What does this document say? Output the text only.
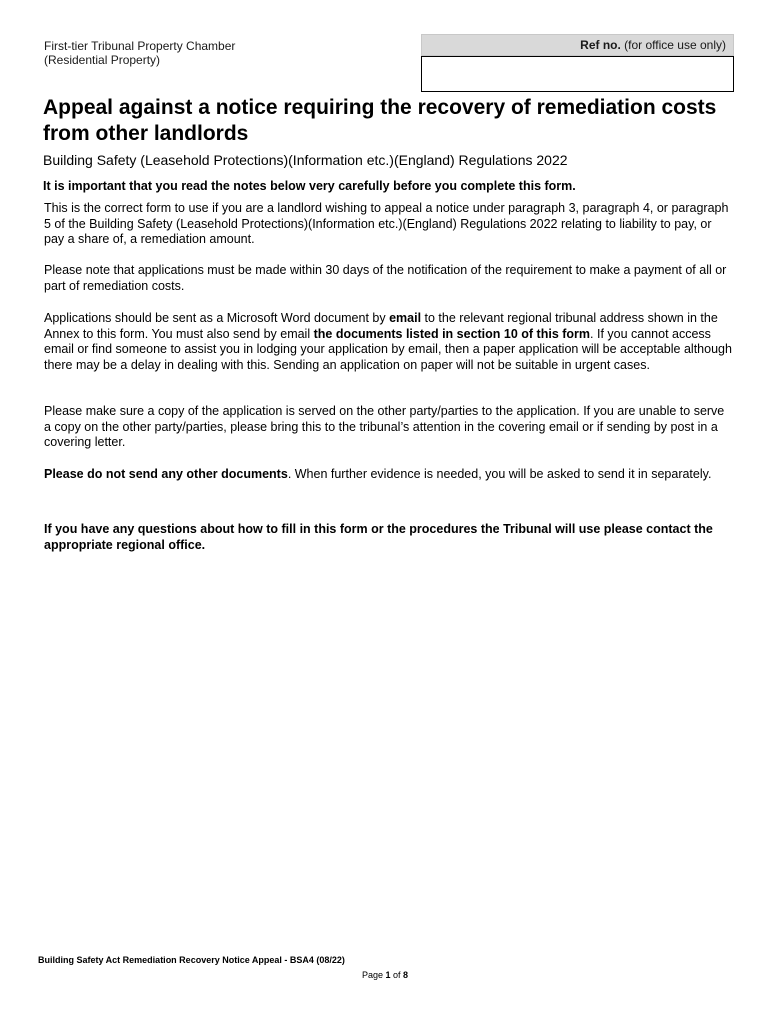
First-tier Tribunal Property Chamber
(Residential Property)
Ref no. (for office use only)
Appeal against a notice requiring the recovery of remediation costs from other landlords
Building Safety (Leasehold Protections)(Information etc.)(England) Regulations 2022
It is important that you read the notes below very carefully before you complete this form.

This is the correct form to use if you are a landlord wishing to appeal a notice under paragraph 3, paragraph 4, or paragraph 5 of the Building Safety (Leasehold Protections)(Information etc.)(England) Regulations 2022 relating to liability to pay, or pay a share of, a remediation amount.

Please note that applications must be made within 30 days of the notification of the requirement to make a payment of all or part of remediation costs.

Applications should be sent as a Microsoft Word document by email to the relevant regional tribunal address shown in the Annex to this form. You must also send by email the documents listed in section 10 of this form. If you cannot access email or find someone to assist you in lodging your application by email, then a paper application will be acceptable although there may be a delay in dealing with this. Sending an application on paper will not be suitable in urgent cases.

Please make sure a copy of the application is served on the other party/parties to the application. If you are unable to serve a copy on the other party/parties, please bring this to the tribunal’s attention in the covering email or if sending by post in a covering letter.

Please do not send any other documents. When further evidence is needed, you will be asked to send it in separately.

If you have any questions about how to fill in this form or the procedures the Tribunal will use please contact the appropriate regional office.

Building Safety Act Remediation Recovery Notice Appeal - BSA4 (08/22)
Page 1 of 8
